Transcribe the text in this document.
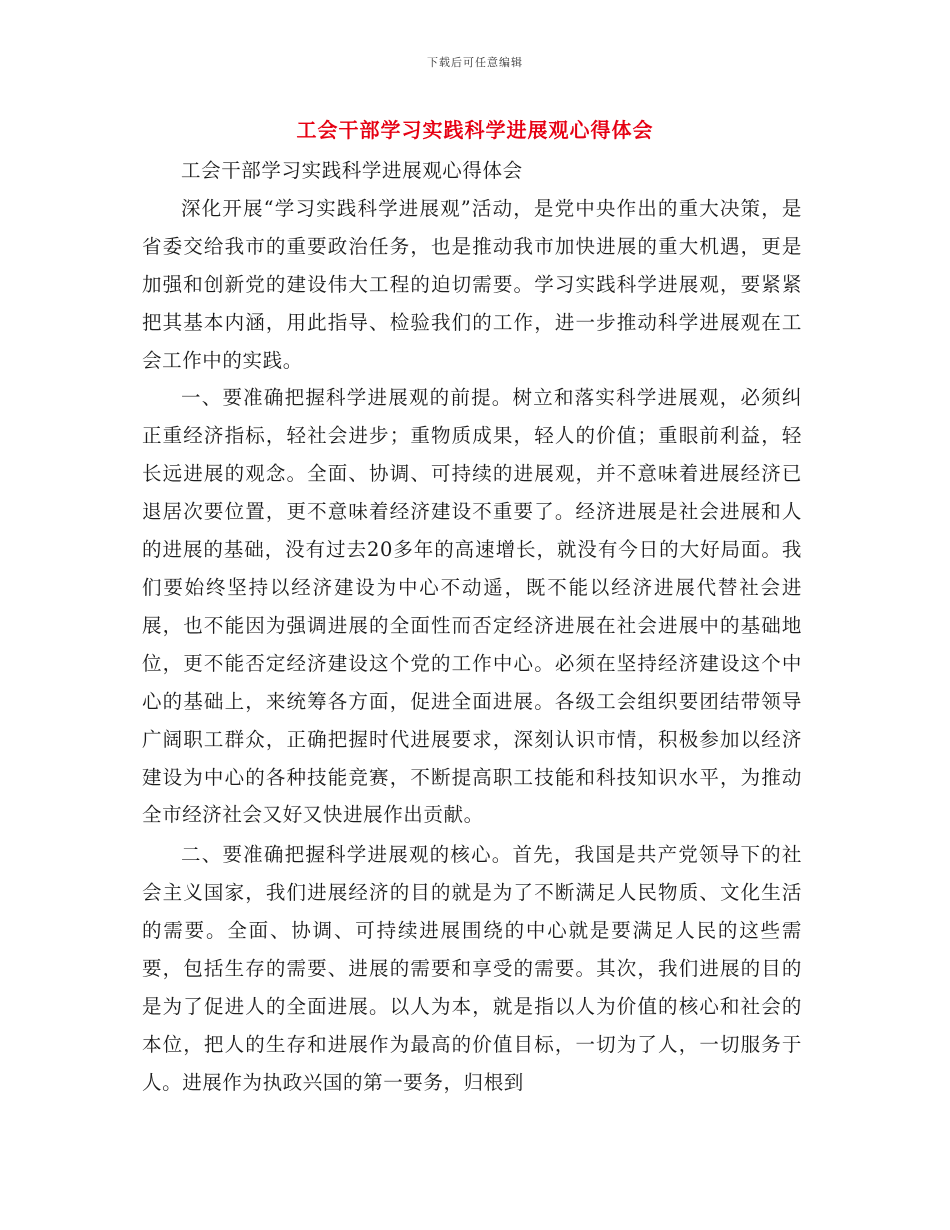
下载后可任意编辑
工会干部学习实践科学进展观心得体会

工会干部学习实践科学进展观心得体会

深化开展“学习实践科学进展观”活动，是党中央作出的重大决策，是省委交给我市的重要政治任务，也是推动我市加快进展的重大机遇，更是加强和创新党的建设伟大工程的迫切需要。学习实践科学进展观，要紧紧把其基本内涵，用此指导、检验我们的工作，进一步推动科学进展观在工会工作中的实践。

一、要准确把握科学进展观的前提。树立和落实科学进展观，必须纠正重经济指标，轻社会进步；重物质成果，轻人的价值；重眼前利益，轻长远进展的观念。全面、协调、可持续的进展观，并不意味着进展经济已退居次要位置，更不意味着经济建设不重要了。经济进展是社会进展和人的进展的基础，没有过去20多年的高速增长，就没有今日的大好局面。我们要始终坚持以经济建设为中心不动遥，既不能以经济进展代替社会进展，也不能因为强调进展的全面性而否定经济进展在社会进展中的基础地位，更不能否定经济建设这个党的工作中心。必须在坚持经济建设这个中心的基础上，来统筹各方面，促进全面进展。各级工会组织要团结带领导广阔职工群众，正确把握时代进展要求，深刻认识市情，积极参加以经济建设为中心的各种技能竞赛，不断提高职工技能和科技知识水平，为推动全市经济社会又好又快进展作出贡献。

二、要准确把握科学进展观的核心。首先，我国是共产党领导下的社会主义国家，我们进展经济的目的就是为了不断满足人民物质、文化生活的需要。全面、协调、可持续进展围绕的中心就是要满足人民的这些需要，包括生存的需要、进展的需要和享受的需要。其次，我们进展的目的是为了促进人的全面进展。以人为本，就是指以人为价值的核心和社会的本位，把人的生存和进展作为最高的价值目标，一切为了人，一切服务于人。进展作为执政兴国的第一要务，归根到
